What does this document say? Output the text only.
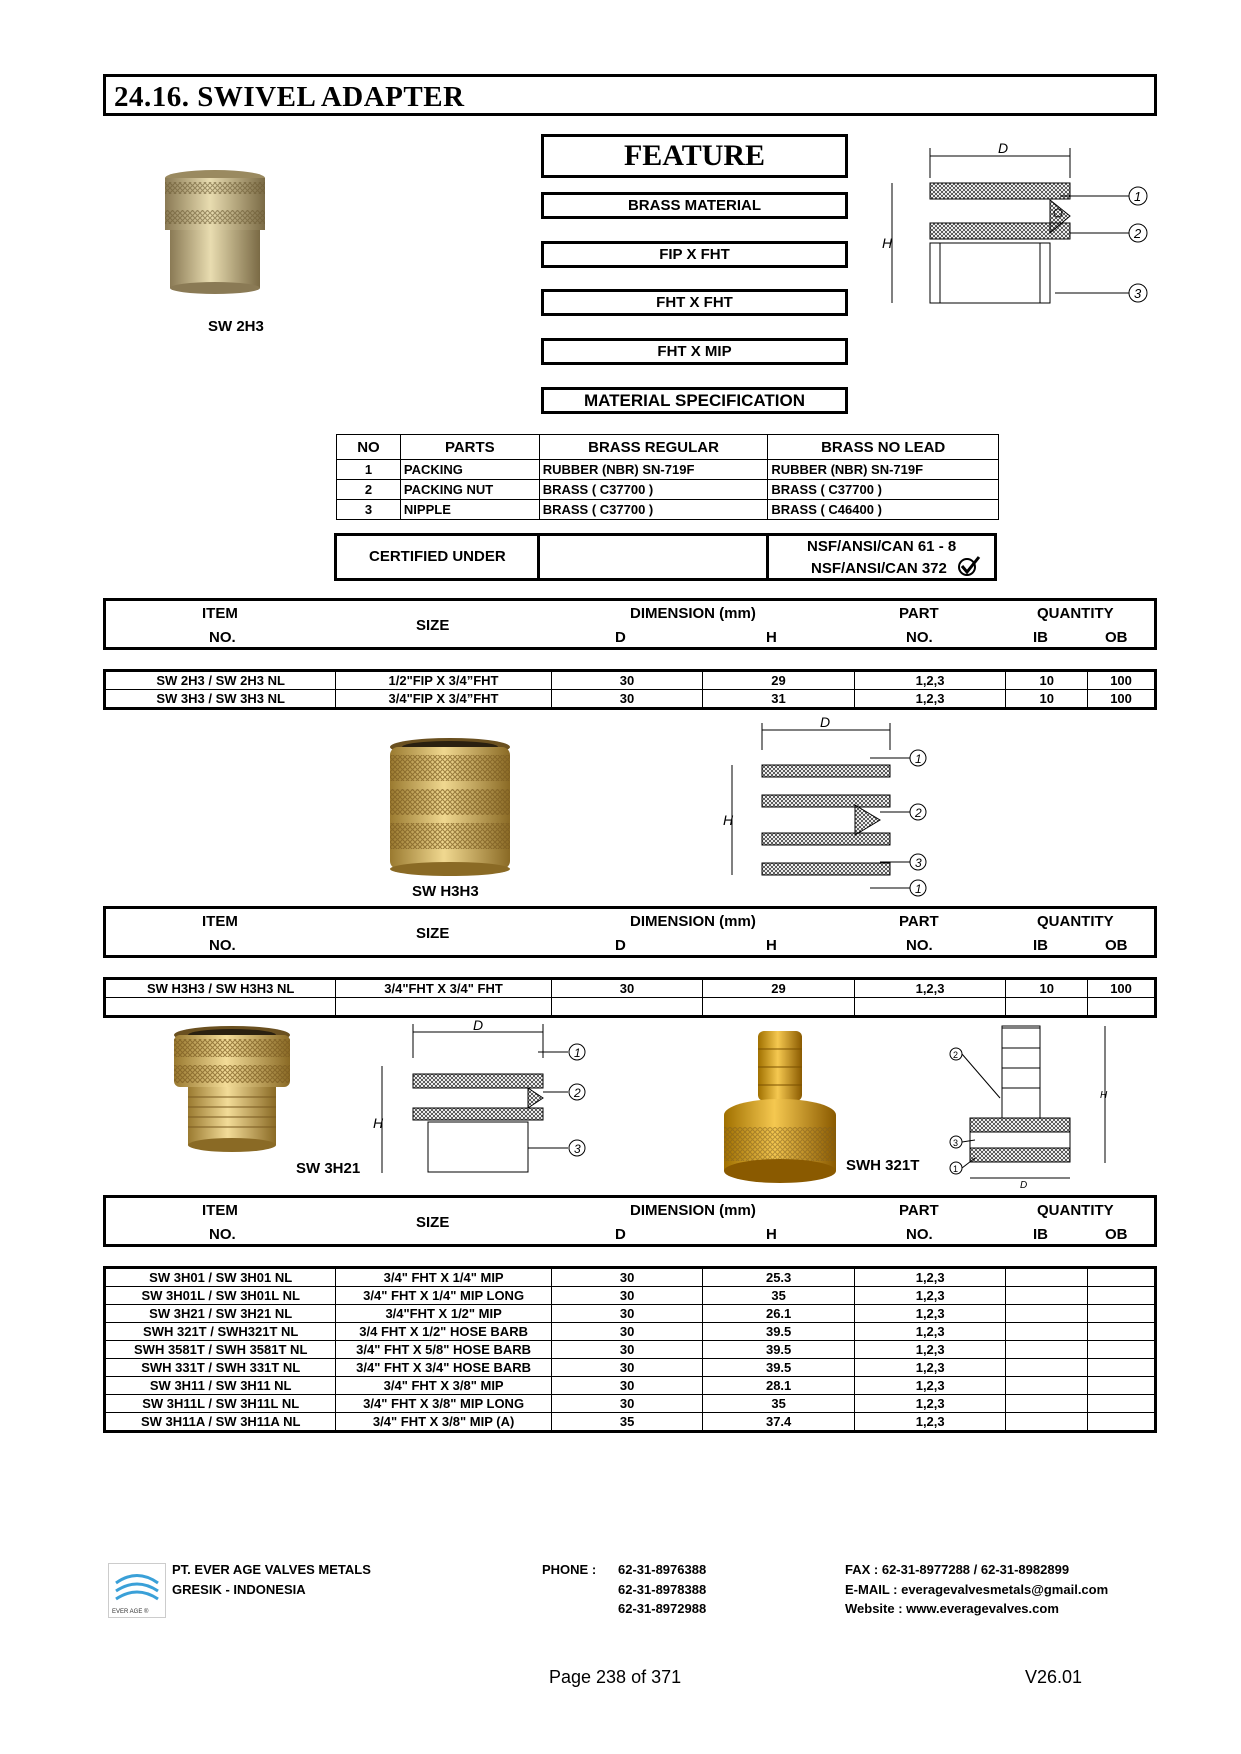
24.16. SWIVEL ADAPTER
SW 2H3
FEATURE
BRASS MATERIAL
FIP X FHT
FHT X FHT
FHT X MIP
D
H
1
2
3
MATERIAL SPECIFICATION
NO	PARTS	BRASS REGULAR	BRASS NO LEAD
1	PACKING	RUBBER (NBR) SN-719F	RUBBER (NBR) SN-719F
2	PACKING NUT	BRASS ( C37700 )	BRASS ( C37700 )
3	NIPPLE	BRASS ( C37700 )	BRASS ( C46400 )
CERTIFIED UNDER
NSF/ANSI/CAN 61 - 8
NSF/ANSI/CAN 372
ITEM
NO.
SIZE
DIMENSION (mm)
D	H
PART
NO.
QUANTITY
IB	OB
SW 2H3 / SW 2H3 NL	1/2"FIP X 3/4”FHT	30	29	1,2,3	10	100
SW 3H3 / SW 3H3 NL	3/4"FIP X 3/4”FHT	30	31	1,2,3	10	100
SW H3H3
D
H
1
2
3
1
ITEM
NO.
SIZE
DIMENSION (mm)
D	H
PART
NO.
QUANTITY
IB	OB
SW H3H3 / SW H3H3 NL	3/4"FHT X 3/4" FHT	30	29	1,2,3	10	100

SW 3H21
D
H
1
2
3
SWH 321T
H
D
2
3
1
ITEM
NO.
SIZE
DIMENSION (mm)
D	H
PART
NO.
QUANTITY
IB	OB
SW 3H01 / SW 3H01 NL	3/4" FHT X 1/4" MIP	30	25.3	1,2,3		
SW 3H01L / SW 3H01L NL	3/4" FHT X 1/4" MIP LONG	30	35	1,2,3		
SW 3H21 / SW 3H21 NL	3/4"FHT X 1/2" MIP	30	26.1	1,2,3		
SWH 321T / SWH321T NL	3/4 FHT X 1/2" HOSE BARB	30	39.5	1,2,3		
SWH 3581T / SWH 3581T NL	3/4" FHT X 5/8" HOSE BARB	30	39.5	1,2,3		
SWH 331T / SWH 331T NL	3/4" FHT X 3/4" HOSE BARB	30	39.5	1,2,3		
SW 3H11 / SW 3H11 NL	3/4" FHT X 3/8" MIP	30	28.1	1,2,3		
SW 3H11L / SW 3H11L NL	3/4" FHT X 3/8" MIP LONG	30	35	1,2,3		
SW 3H11A / SW 3H11A NL	3/4" FHT X 3/8" MIP (A)	35	37.4	1,2,3		
EVER AGE ®
PT. EVER AGE VALVES METALS
GRESIK - INDONESIA
PHONE : 62-31-8976388
62-31-8978388
62-31-8972988
FAX : 62-31-8977288 / 62-31-8982899
E-MAIL : everagevalvesmetals@gmail.com
Website : www.everagevalves.com
Page 238 of 371	V26.01
